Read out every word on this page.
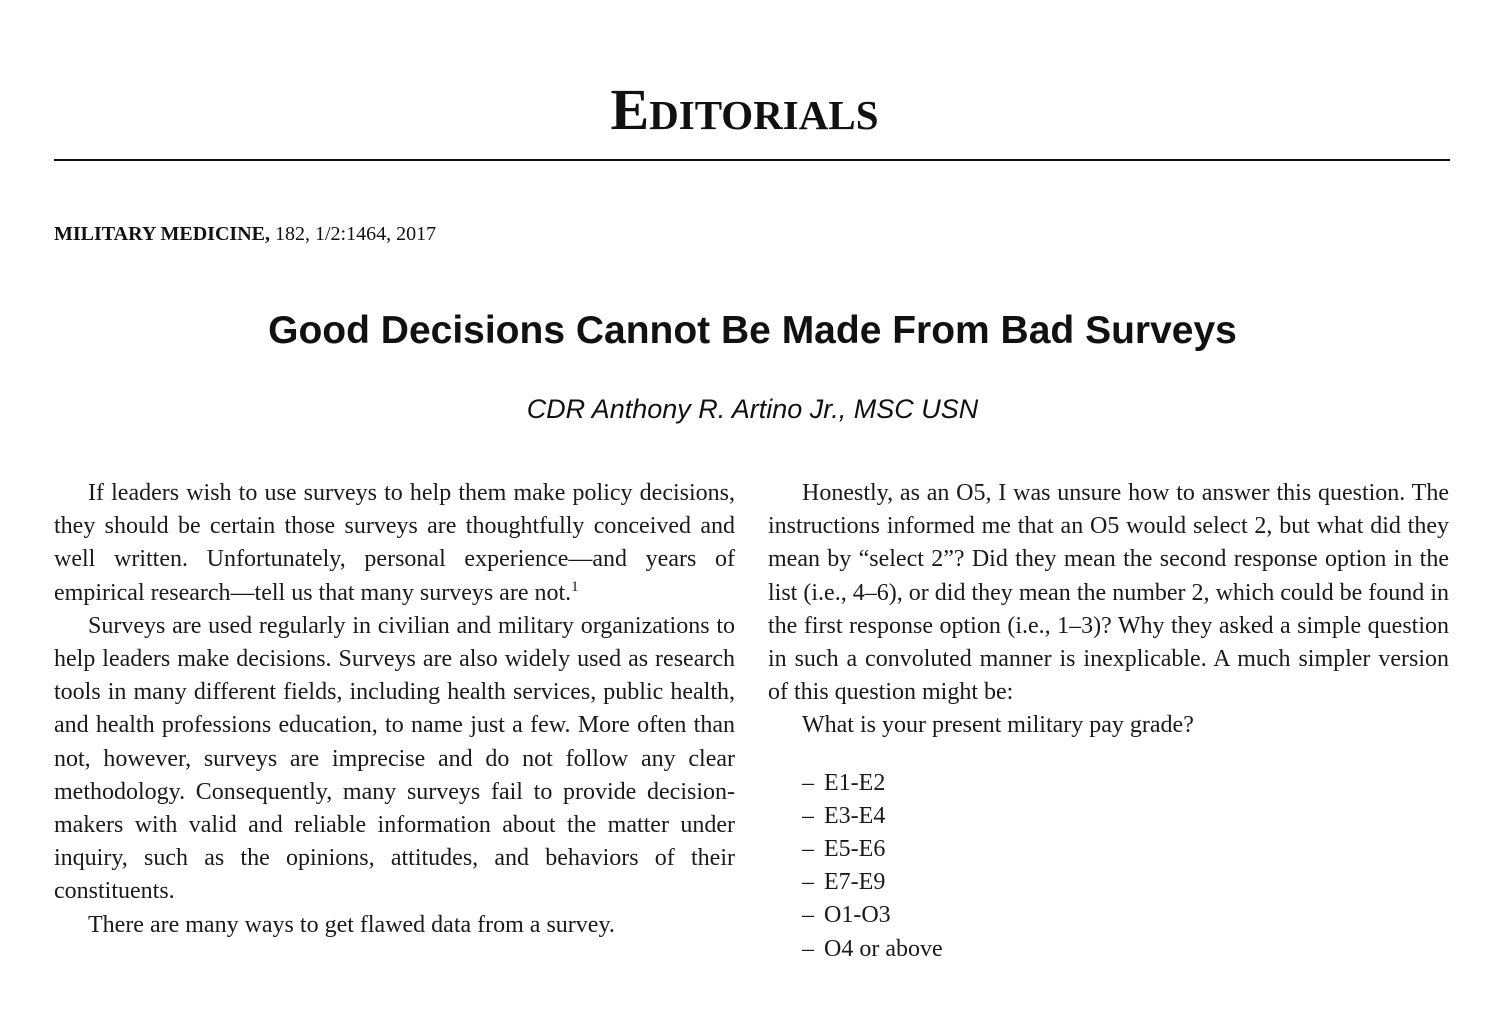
Editorials
MILITARY MEDICINE, 182, 1/2:1464, 2017
Good Decisions Cannot Be Made From Bad Surveys
CDR Anthony R. Artino Jr., MSC USN

If leaders wish to use surveys to help them make policy decisions, they should be certain those surveys are thoughtfully conceived and well written. Unfortunately, personal experience—and years of empirical research—tell us that many surveys are not.$^1$

Surveys are used regularly in civilian and military organizations to help leaders make decisions. Surveys are also widely used as research tools in many different fields, including health services, public health, and health professions education, to name just a few. More often than not, however, surveys are imprecise and do not follow any clear methodology. Consequently, many surveys fail to provide decision-makers with valid and reliable information about the matter under inquiry, such as the opinions, attitudes, and behaviors of their constituents.

There are many ways to get flawed data from a survey.

Honestly, as an O5, I was unsure how to answer this question. The instructions informed me that an O5 would select 2, but what did they mean by “select 2”? Did they mean the second response option in the list (i.e., 4–6), or did they mean the number 2, which could be found in the first response option (i.e., 1–3)? Why they asked a simple question in such a convoluted manner is inexplicable. A much simpler version of this question might be:

What is your present military pay grade?

– E1-E2
– E3-E4
– E5-E6
– E7-E9
– O1-O3
– O4 or above
